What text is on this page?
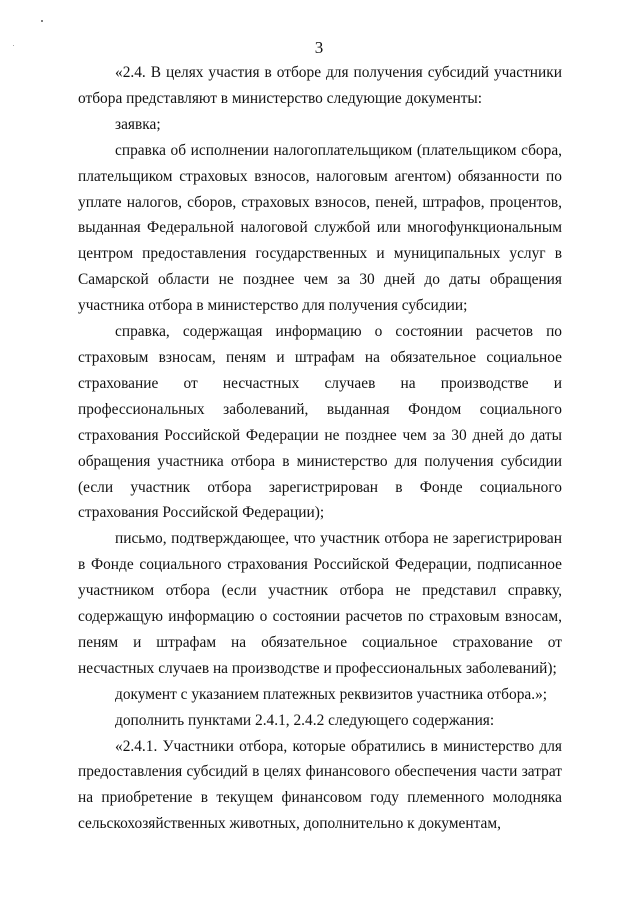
3

«2.4. В целях участия в отборе для получения субсидий участники отбора представляют в министерство следующие документы:

заявка;

справка об исполнении налогоплательщиком (плательщиком сбора, плательщиком страховых взносов, налоговым агентом) обязанности по уплате налогов, сборов, страховых взносов, пеней, штрафов, процентов, выданная Федеральной налоговой службой или многофункциональным центром предоставления государственных и муниципальных услуг в Самарской области не позднее чем за 30 дней до даты обращения участника отбора в министерство для получения субсидии;

справка, содержащая информацию о состоянии расчетов по страховым взносам, пеням и штрафам на обязательное социальное страхование от несчастных случаев на производстве и профессиональных заболеваний, выданная Фондом социального страхования Российской Федерации не позднее чем за 30 дней до даты обращения участника отбора в министерство для получения субсидии (если участник отбора зарегистрирован в Фонде социального страхования Российской Федерации);

письмо, подтверждающее, что участник отбора не зарегистрирован в Фонде социального страхования Российской Федерации, подписанное участником отбора (если участник отбора не представил справку, содержащую информацию о состоянии расчетов по страховым взносам, пеням и штрафам на обязательное социальное страхование от несчастных случаев на производстве и профессиональных заболеваний);

документ с указанием платежных реквизитов участника отбора.»;

дополнить пунктами 2.4.1, 2.4.2 следующего содержания:

«2.4.1. Участники отбора, которые обратились в министерство для предоставления субсидий в целях финансового обеспечения части затрат на приобретение в текущем финансовом году племенного молодняка сельскохозяйственных животных, дополнительно к документам,
